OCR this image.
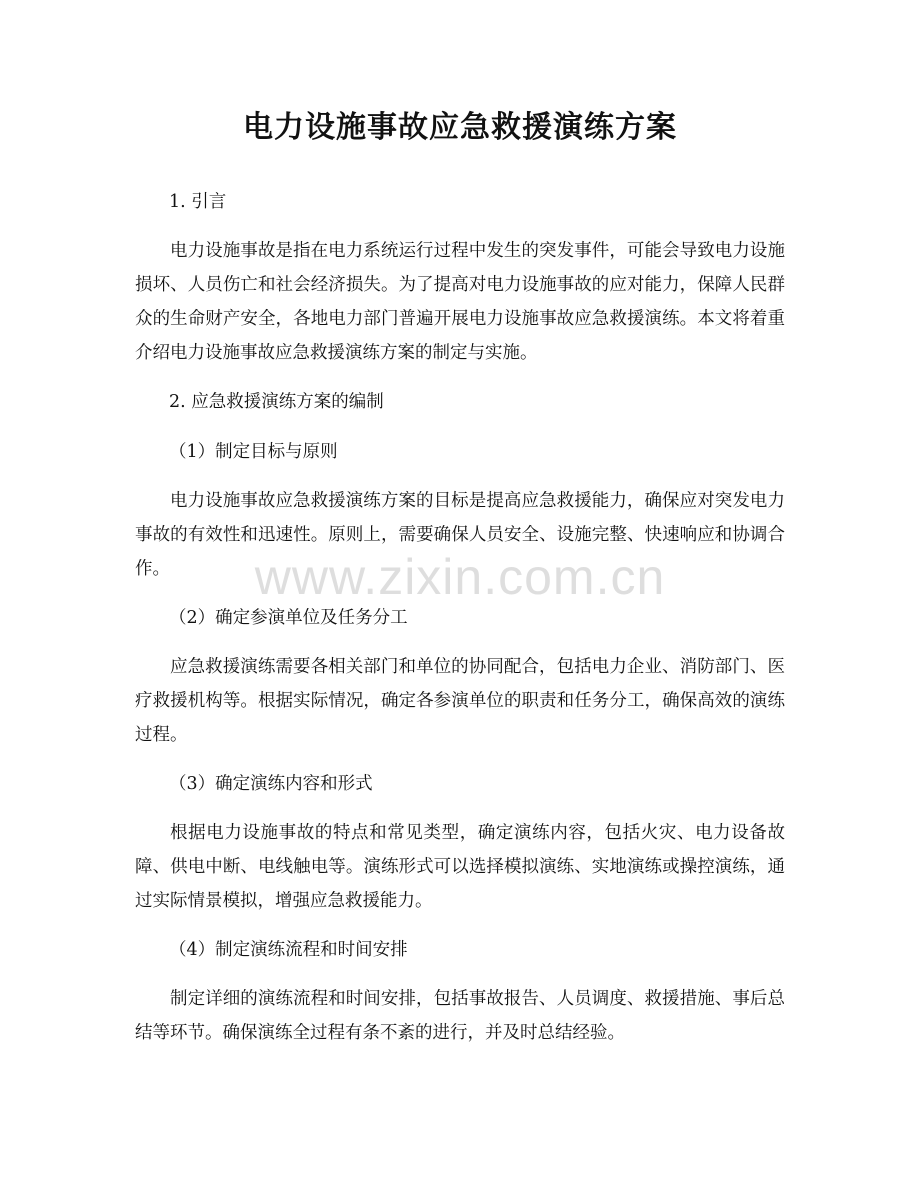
电力设施事故应急救援演练方案

1. 引言

电力设施事故是指在电力系统运行过程中发生的突发事件，可能会导致电力设施损坏、人员伤亡和社会经济损失。为了提高对电力设施事故的应对能力，保障人民群众的生命财产安全，各地电力部门普遍开展电力设施事故应急救援演练。本文将着重介绍电力设施事故应急救援演练方案的制定与实施。

2. 应急救援演练方案的编制

（1）制定目标与原则

电力设施事故应急救援演练方案的目标是提高应急救援能力，确保应对突发电力事故的有效性和迅速性。原则上，需要确保人员安全、设施完整、快速响应和协调合作。

（2）确定参演单位及任务分工

应急救援演练需要各相关部门和单位的协同配合，包括电力企业、消防部门、医疗救援机构等。根据实际情况，确定各参演单位的职责和任务分工，确保高效的演练过程。

（3）确定演练内容和形式

根据电力设施事故的特点和常见类型，确定演练内容，包括火灾、电力设备故障、供电中断、电线触电等。演练形式可以选择模拟演练、实地演练或操控演练，通过实际情景模拟，增强应急救援能力。

（4）制定演练流程和时间安排

制定详细的演练流程和时间安排，包括事故报告、人员调度、救援措施、事后总结等环节。确保演练全过程有条不紊的进行，并及时总结经验。

www.zixin.com.cn
